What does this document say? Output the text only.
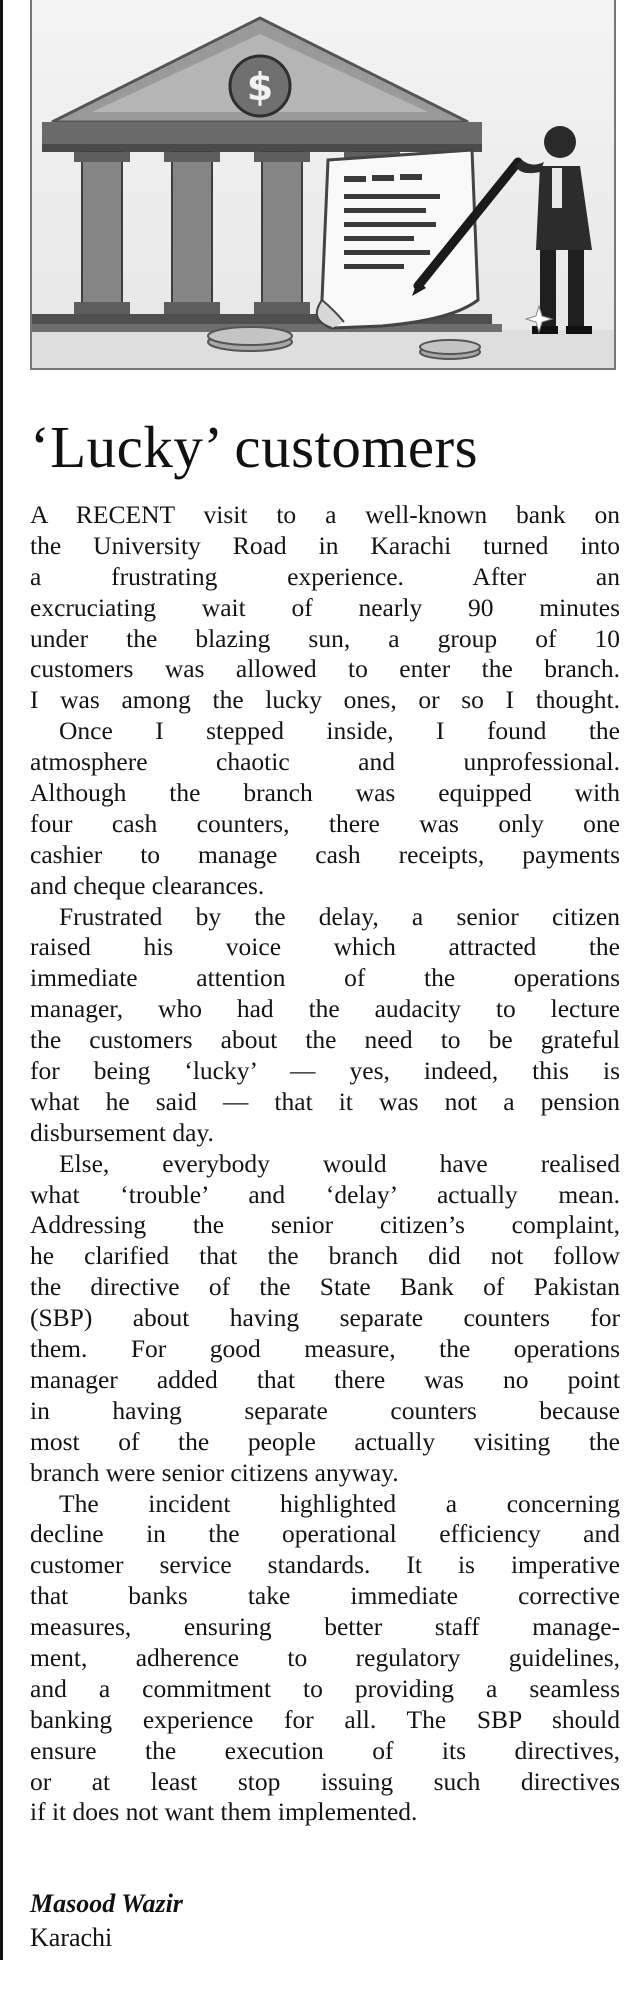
$
‘Lucky’ customers
A RECENT visit to a well-known bank on
the University Road in Karachi turned into
a frustrating experience. After an
excruciating wait of nearly 90 minutes
under the blazing sun, a group of 10
customers was allowed to enter the branch.
I was among the lucky ones, or so I thought.
Once I stepped inside, I found the
atmosphere chaotic and unprofessional.
Although the branch was equipped with
four cash counters, there was only one
cashier to manage cash receipts, payments
and cheque clearances.
Frustrated by the delay, a senior citizen
raised his voice which attracted the
immediate attention of the operations
manager, who had the audacity to lecture
the customers about the need to be grateful
for being ‘lucky’ — yes, indeed, this is
what he said — that it was not a pension
disbursement day.
Else, everybody would have realised
what ‘trouble’ and ‘delay’ actually mean.
Addressing the senior citizen’s complaint,
he clarified that the branch did not follow
the directive of the State Bank of Pakistan
(SBP) about having separate counters for
them. For good measure, the operations
manager added that there was no point
in having separate counters because
most of the people actually visiting the
branch were senior citizens anyway.
The incident highlighted a concerning
decline in the operational efficiency and
customer service standards. It is imperative
that banks take immediate corrective
measures, ensuring better staff manage-
ment, adherence to regulatory guidelines,
and a commitment to providing a seamless
banking experience for all. The SBP should
ensure the execution of its directives,
or at least stop issuing such directives
if it does not want them implemented.
Masood Wazir
Karachi
